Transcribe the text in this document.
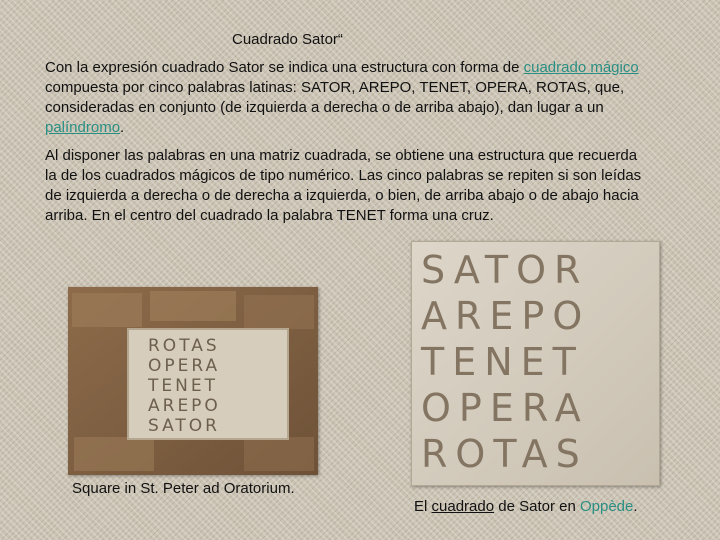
Cuadrado Sator“
Con la expresión cuadrado Sator se indica una estructura con forma de cuadrado mágico compuesta por cinco palabras latinas: SATOR, AREPO, TENET, OPERA, ROTAS, que, consideradas en conjunto (de izquierda a derecha o de arriba abajo), dan lugar a un palíndromo.
Al disponer las palabras en una matriz cuadrada, se obtiene una estructura que recuerda la de los cuadrados mágicos de tipo numérico. Las cinco palabras se repiten si son leídas de izquierda a derecha o de derecha a izquierda, o bien, de arriba abajo o de abajo hacia arriba. En el centro del cuadrado la palabra TENET forma una cruz.
ROTAS
OPERA
TENET
AREPO
SATOR
Square in St. Peter ad Oratorium.
SATOR
AREPO
TENET
OPERA
ROTAS
El cuadrado de Sator en Oppède.
